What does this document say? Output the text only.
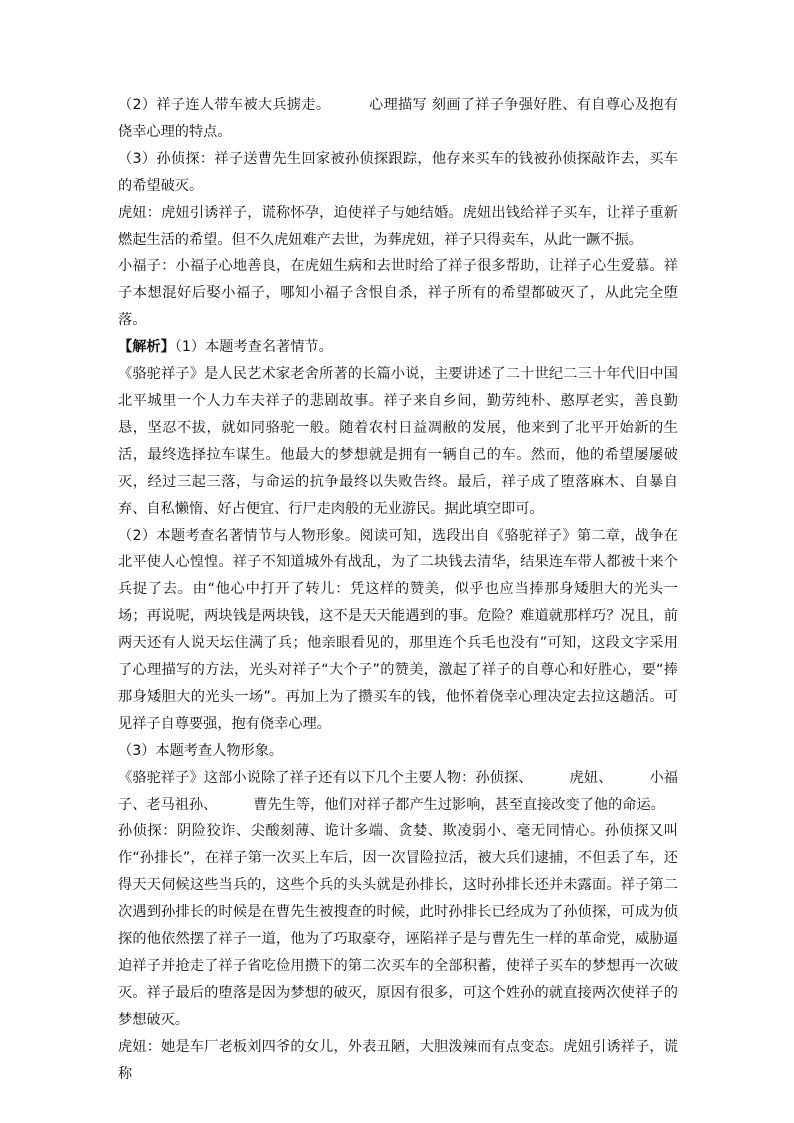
（2）祥子连人带车被大兵掳走。        心理描写 刻画了祥子争强好胜、有自尊心及抱有侥幸心理的特点。

（3）孙侦探：祥子送曹先生回家被孙侦探跟踪，他存来买车的钱被孙侦探敲诈去，买车的希望破灭。

虎妞：虎妞引诱祥子，谎称怀孕，迫使祥子与她结婚。虎妞出钱给祥子买车，让祥子重新燃起生活的希望。但不久虎妞难产去世，为葬虎妞，祥子只得卖车，从此一蹶不振。

小福子：小福子心地善良，在虎妞生病和去世时给了祥子很多帮助，让祥子心生爱慕。祥子本想混好后娶小福子，哪知小福子含恨自杀，祥子所有的希望都破灭了，从此完全堕落。

【解析】（1）本题考查名著情节。

《骆驼祥子》是人民艺术家老舍所著的长篇小说，主要讲述了二十世纪二三十年代旧中国北平城里一个人力车夫祥子的悲剧故事。祥子来自乡间，勤劳纯朴、憨厚老实，善良勤恳，坚忍不拔，就如同骆驼一般。随着农村日益凋敝的发展，他来到了北平开始新的生活，最终选择拉车谋生。他最大的梦想就是拥有一辆自己的车。然而，他的希望屡屡破灭，经过三起三落，与命运的抗争最终以失败告终。最后，祥子成了堕落麻木、自暴自弃、自私懒惰、好占便宜、行尸走肉般的无业游民。据此填空即可。

（2）本题考查名著情节与人物形象。阅读可知，选段出自《骆驼祥子》第二章，战争在北平使人心惶惶。祥子不知道城外有战乱，为了二块钱去清华，结果连车带人都被十来个兵捉了去。由“他心中打开了转儿：凭这样的赞美，似乎也应当捧那身矮胆大的光头一场；再说呢，两块钱是两块钱，这不是天天能遇到的事。危险？难道就那样巧？况且，前两天还有人说天坛住满了兵；他亲眼看见的，那里连个兵毛也没有”可知，这段文字采用了心理描写的方法，光头对祥子“大个子”的赞美，激起了祥子的自尊心和好胜心，要“捧那身矮胆大的光头一场”。再加上为了攒买车的钱，他怀着侥幸心理决定去拉这趟活。可见祥子自尊要强，抱有侥幸心理。

（3）本题考查人物形象。

《骆驼祥子》这部小说除了祥子还有以下几个主要人物：孙侦探、        虎妞、        小福子、老马祖孙、        曹先生等，他们对祥子都产生过影响，甚至直接改变了他的命运。

孙侦探：阴险狡诈、尖酸刻薄、诡计多端、贪婪、欺凌弱小、毫无同情心。孙侦探又叫作“孙排长”，在祥子第一次买上车后，因一次冒险拉活，被大兵们逮捕，不但丢了车，还得天天伺候这些当兵的，这些个兵的头头就是孙排长，这时孙排长还并未露面。祥子第二次遇到孙排长的时候是在曹先生被搜查的时候，此时孙排长已经成为了孙侦探，可成为侦探的他依然摆了祥子一道，他为了巧取豪夺，诬陷祥子是与曹先生一样的革命党，威胁逼迫祥子并抢走了祥子省吃俭用攒下的第二次买车的全部积蓄，使祥子买车的梦想再一次破灭。祥子最后的堕落是因为梦想的破灭，原因有很多，可这个姓孙的就直接两次使祥子的梦想破灭。

虎妞：她是车厂老板刘四爷的女儿，外表丑陋，大胆泼辣而有点变态。虎妞引诱祥子，谎称
